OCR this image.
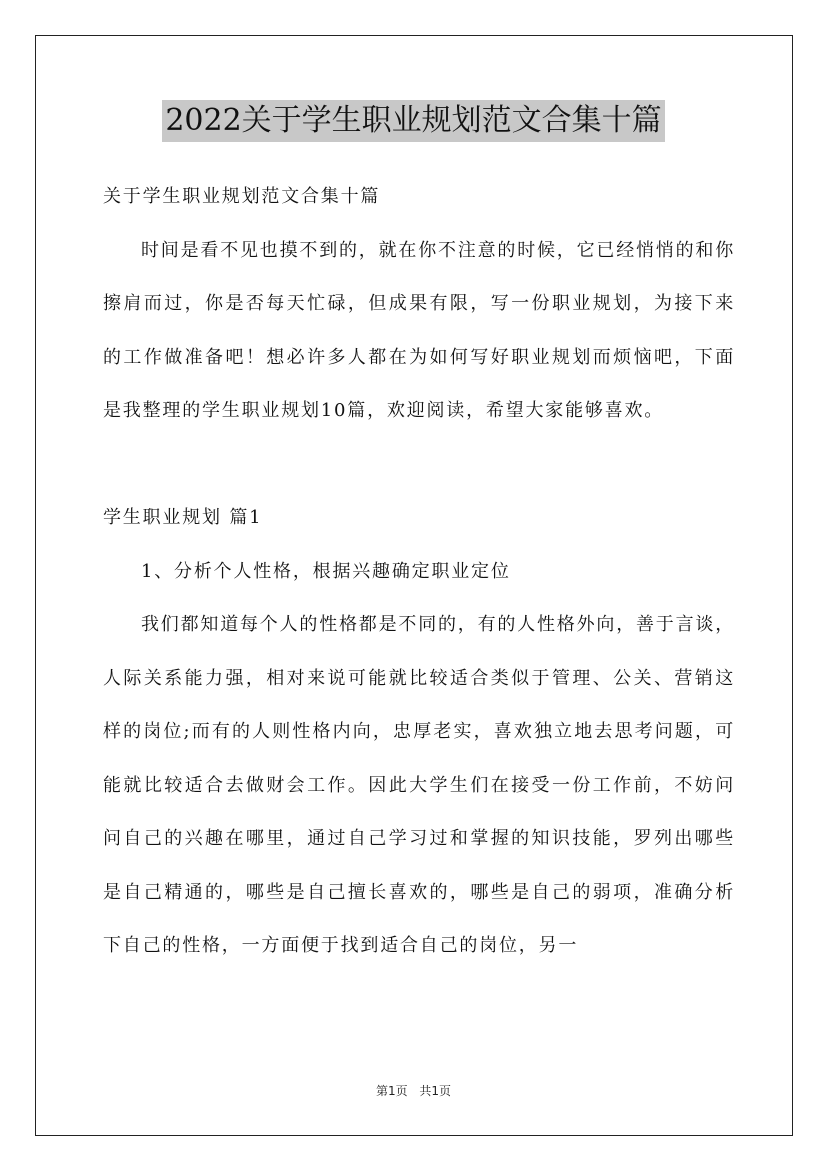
2022关于学生职业规划范文合集十篇

关于学生职业规划范文合集十篇

时间是看不见也摸不到的，就在你不注意的时候，它已经悄悄的和你擦肩而过，你是否每天忙碌，但成果有限，写一份职业规划，为接下来的工作做准备吧！想必许多人都在为如何写好职业规划而烦恼吧，下面是我整理的学生职业规划10篇，欢迎阅读，希望大家能够喜欢。

学生职业规划 篇1

1、分析个人性格，根据兴趣确定职业定位

我们都知道每个人的性格都是不同的，有的人性格外向，善于言谈，人际关系能力强，相对来说可能就比较适合类似于管理、公关、营销这样的岗位;而有的人则性格内向，忠厚老实，喜欢独立地去思考问题，可能就比较适合去做财会工作。因此大学生们在接受一份工作前，不妨问问自己的兴趣在哪里，通过自己学习过和掌握的知识技能，罗列出哪些是自己精通的，哪些是自己擅长喜欢的，哪些是自己的弱项，准确分析下自己的性格，一方面便于找到适合自己的岗位，另一

第1页 共1页
